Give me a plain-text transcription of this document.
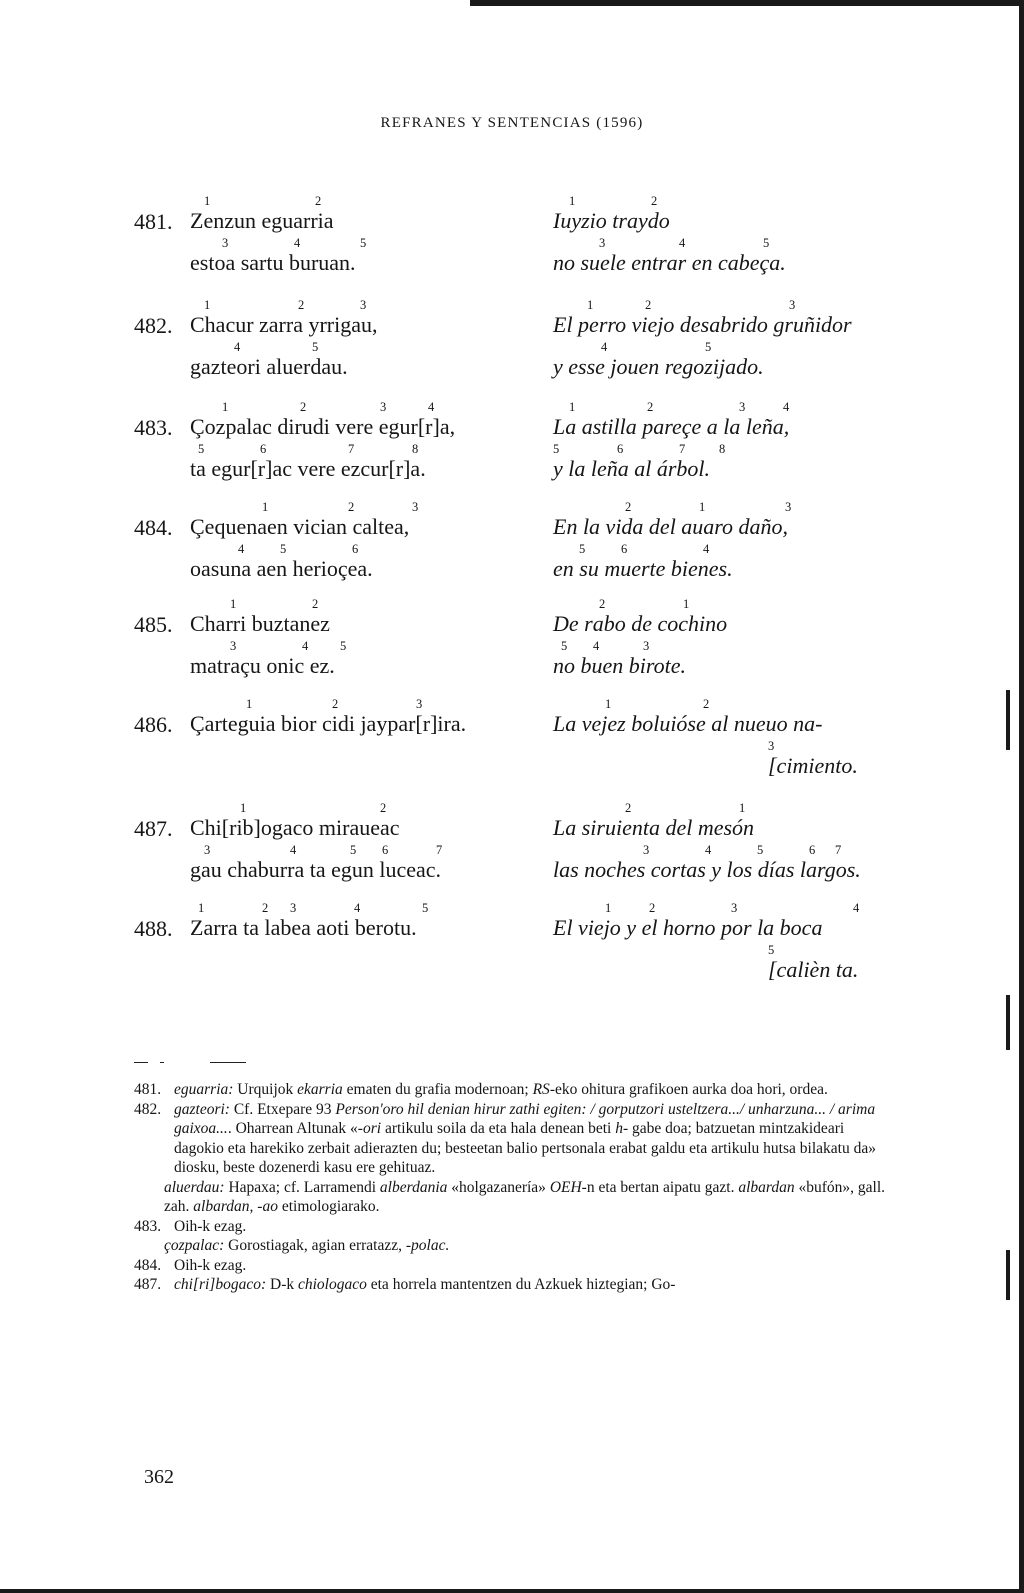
REFRANES Y SENTENCIAS (1596)
481.
1	2
Zenzun eguarria
3	4	5
estoa sartu buruan.
1	2
Iuyzio traydo
3	4	5
no suele entrar en cabeça.
482.
1	2	3
Chacur zarra yrrigau,
4	5
gazteori aluerdau.
1	2	3
El perro viejo desabrido gruñidor
4	5
y esse jouen regozijado.
483.
1	2	3	4
Çozpalac dirudi vere egur[r]a,
5	6	7	8
ta egur[r]ac vere ezcur[r]a.
1	2	3	4
La astilla pareçe a la leña,
5	6	7	8
y la leña al árbol.
484.
1	2	3
Çequenaen vician caltea,
4	5	6
oasuna aen herioçea.
2	1	3
En la vida del auaro daño,
5	6	4
en su muerte bienes.
485.
1	2
Charri buztanez
3	4	5
matraçu onic ez.
2	1
De rabo de cochino
5 4	3
no buen birote.
486.
1	2	3
Çarteguia bior cidi jaypar[r]ira.
1	2
La vejez boluióse al nueuo na-
3
[cimiento.
487.
1	2
Chi[rib]ogaco miraueac
3	4	5 6	7
gau chaburra ta egun luceac.
2	1
La siruienta del mesón
3	4	5	6 7
las noches cortas y los días largos.
488.
1	2 3	4	5
Zarra ta labea aoti berotu.
1	2	3	4
El viejo y el horno por la boca
5
[calièn ta.

481. eguarria: Urquijok ekarria ematen du grafia modernoan; RS-eko ohitura grafikoen aurka doa hori, ordea.

482. gazteori: Cf. Etxepare 93 Person'oro hil denian hirur zathi egiten: / gorputzori usteltzera.../ unharzuna... / arima gaixoa.... Oharrean Altunak «-ori artikulu soila da eta hala denean beti h- gabe doa; batzuetan mintzakideari dagokio eta harekiko zerbait adierazten du; besteetan balio pertsonala erabat galdu eta artikulu hutsa bilakatu da» diosku, beste dozenerdi kasu ere gehituaz.

aluerdau: Hapaxa; cf. Larramendi alberdania «holgazanería» OEH-n eta bertan aipatu gazt. albardan «bufón», gall. zah. albardan, -ao etimologiarako.

483. Oih-k ezag.

çozpalac: Gorostiagak, agian erratazz, -polac.

484. Oih-k ezag.

487. chi[ri]bogaco: D-k chiologaco eta horrela mantentzen du Azkuek hiztegian; Go-

362
